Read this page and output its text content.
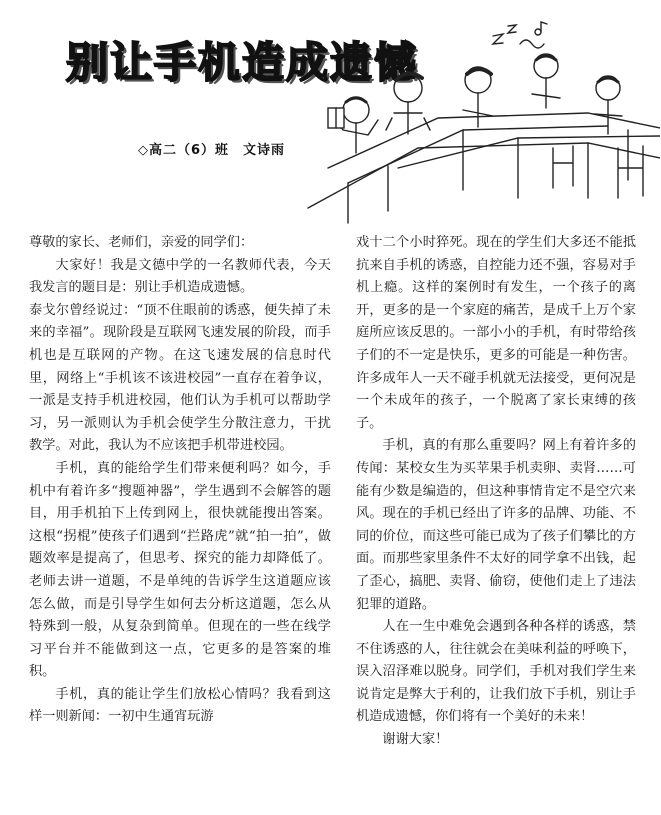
别让手机造成遗憾
◇高二（6）班 文诗雨

尊敬的家长、老师们，亲爱的同学们：

大家好！我是文德中学的一名教师代表，今天我发言的题目是：别让手机造成遗憾。

泰戈尔曾经说过：“顶不住眼前的诱惑，便失掉了未来的幸福”。现阶段是互联网飞速发展的阶段，而手机也是互联网的产物。在这飞速发展的信息时代里，网络上“手机该不该进校园”一直存在着争议，一派是支持手机进校园，他们认为手机可以帮助学习，另一派则认为手机会使学生分散注意力，干扰教学。对此，我认为不应该把手机带进校园。

手机，真的能给学生们带来便利吗？如今，手机中有着许多“搜题神器”，学生遇到不会解答的题目，用手机拍下上传到网上，很快就能搜出答案。这根“拐棍”使孩子们遇到“拦路虎”就“拍一拍”，做题效率是提高了，但思考、探究的能力却降低了。老师去讲一道题，不是单纯的告诉学生这道题应该怎么做，而是引导学生如何去分析这道题，怎么从特殊到一般，从复杂到简单。但现在的一些在线学习平台并不能做到这一点，它更多的是答案的堆积。

手机，真的能让学生们放松心情吗？我看到这样一则新闻：一初中生通宵玩游

戏十二个小时猝死。现在的学生们大多还不能抵抗来自手机的诱惑，自控能力还不强，容易对手机上瘾。这样的案例时有发生，一个孩子的离开，更多的是一个家庭的痛苦，是成千上万个家庭所应该反思的。一部小小的手机，有时带给孩子们的不一定是快乐，更多的可能是一种伤害。许多成年人一天不碰手机就无法接受，更何况是一个未成年的孩子，一个脱离了家长束缚的孩子。

手机，真的有那么重要吗？网上有着许多的传闻：某校女生为买苹果手机卖卵、卖肾……可能有少数是编造的，但这种事情肯定不是空穴来风。现在的手机已经出了许多的品牌、功能、不同的价位，而这些可能已成为了孩子们攀比的方面。而那些家里条件不太好的同学拿不出钱，起了歪心，搞肥、卖肾、偷窃，使他们走上了违法犯罪的道路。

人在一生中难免会遇到各种各样的诱惑，禁不住诱惑的人，往往就会在美味利益的呼唤下，误入沼泽难以脱身。同学们，手机对我们学生来说肯定是弊大于利的，让我们放下手机，别让手机造成遗憾，你们将有一个美好的未来！

谢谢大家！
